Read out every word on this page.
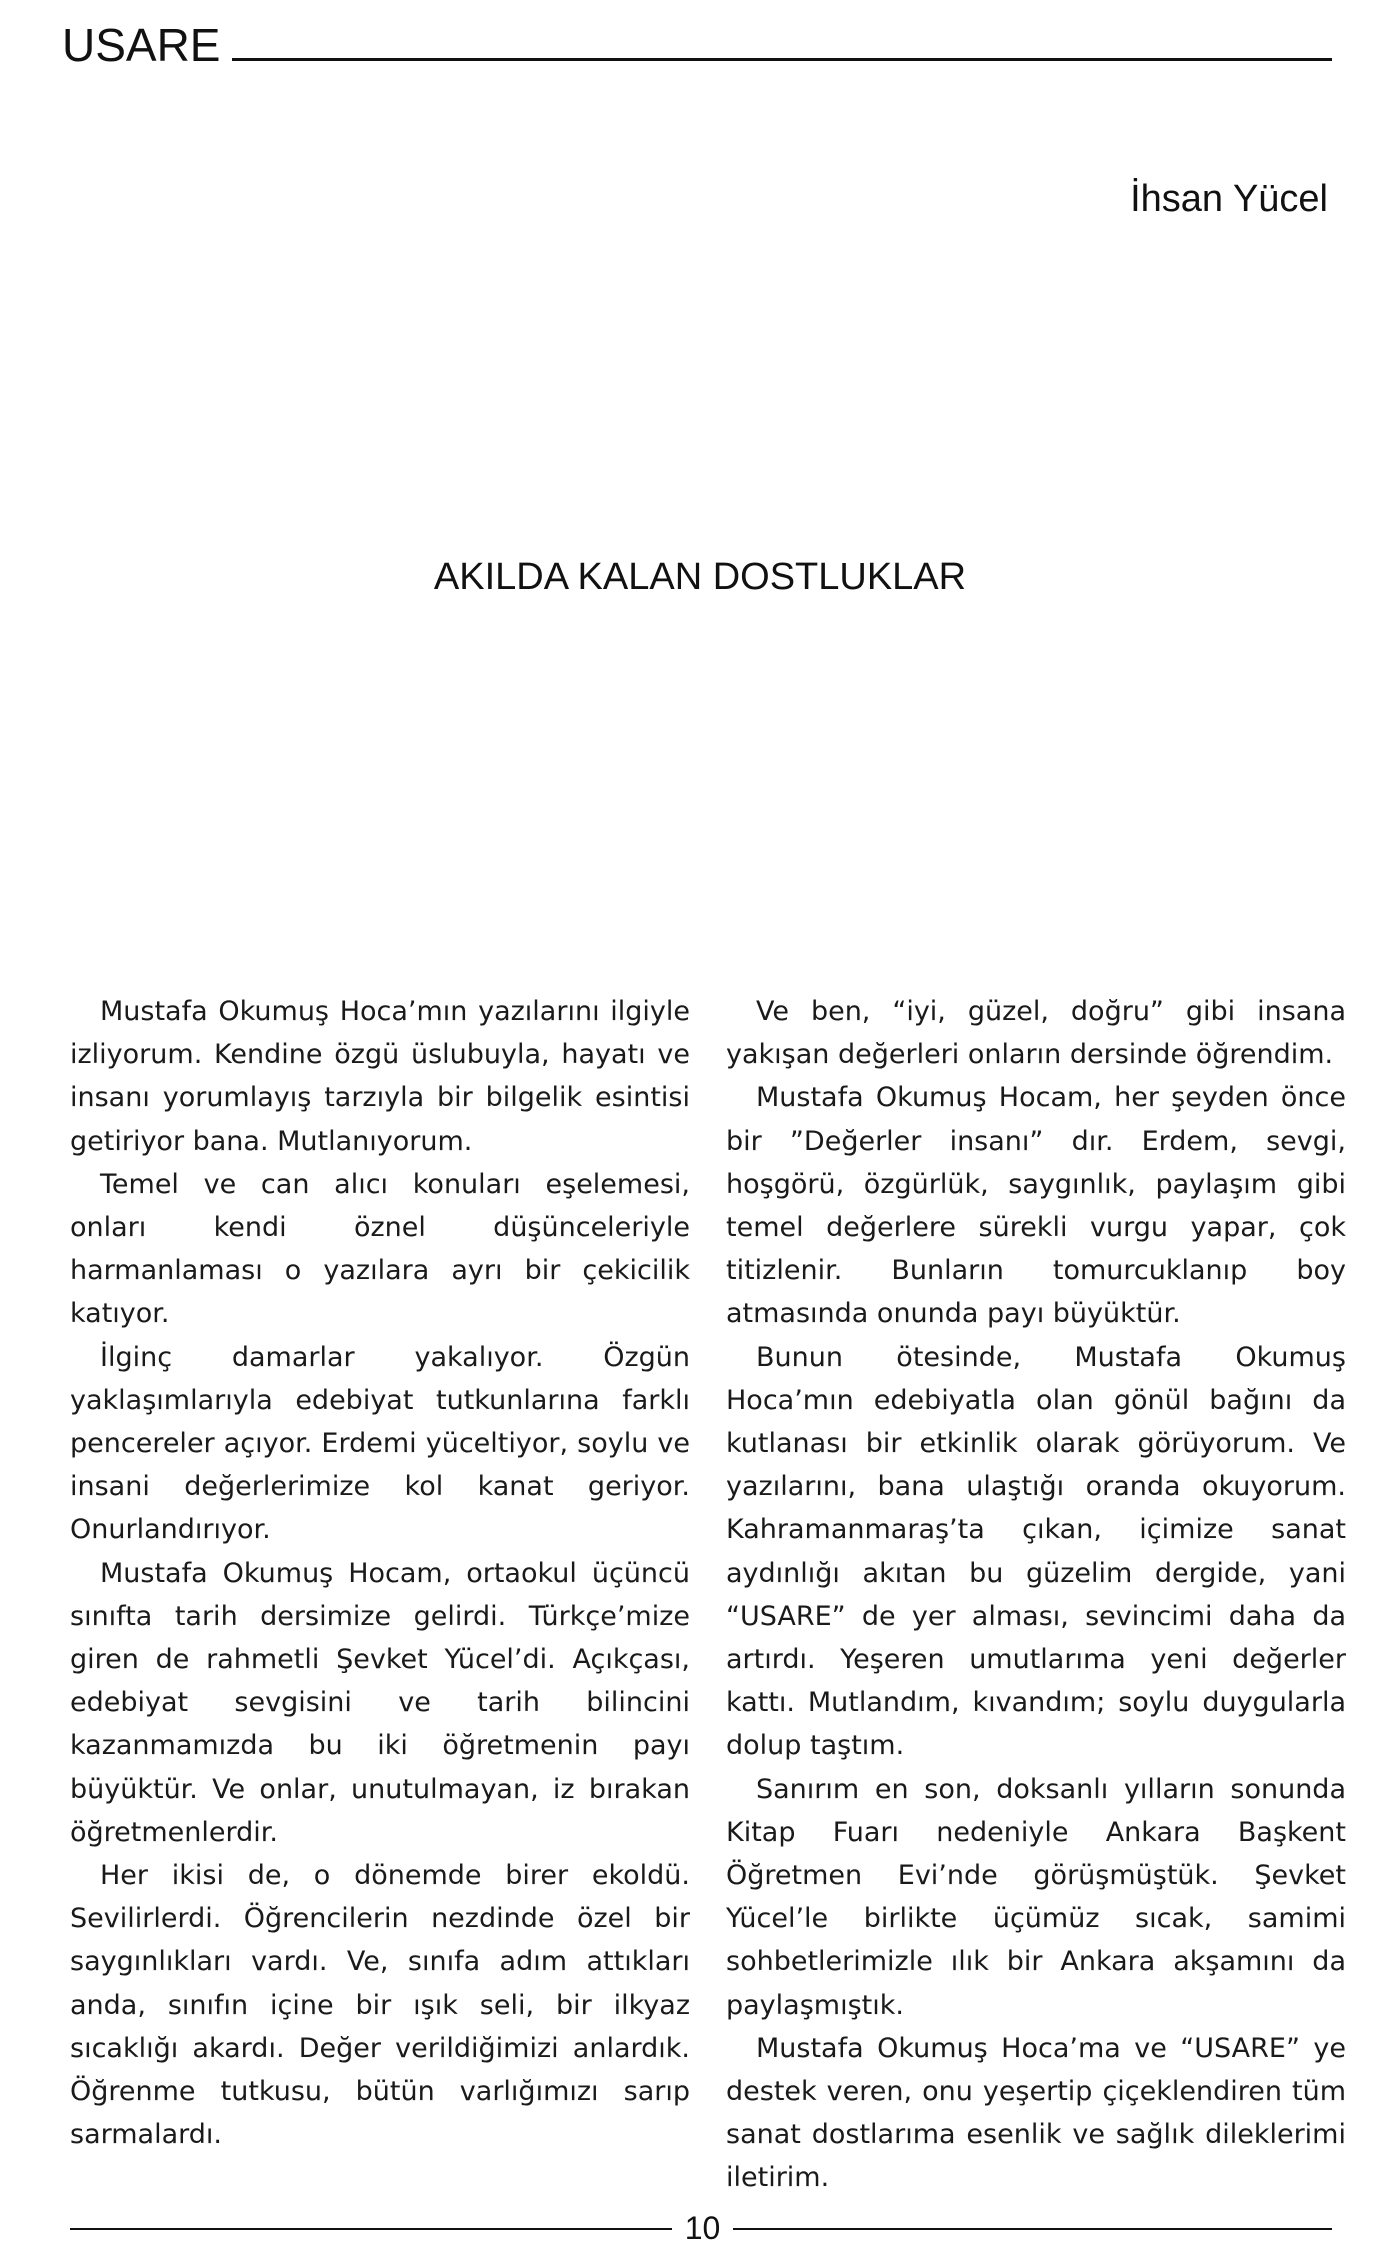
USARE
İhsan Yücel
AKILDA KALAN DOSTLUKLAR

Mustafa Okumuş Hoca’mın yazılarını ilgiyle izliyorum. Kendine özgü üslubuyla, hayatı ve insanı yorumlayış tarzıyla bir bilgelik esintisi getiriyor bana. Mutlanıyorum.

Temel ve can alıcı konuları eşelemesi, onları kendi öznel düşünceleriyle harmanlaması o yazılara ayrı bir çekicilik katıyor.

İlginç damarlar yakalıyor. Özgün yaklaşımlarıyla edebiyat tutkunlarına farklı pencereler açıyor. Erdemi yüceltiyor, soylu ve insani değerlerimize kol kanat geriyor. Onurlandırıyor.

Mustafa Okumuş Hocam, ortaokul üçüncü sınıfta tarih dersimize gelirdi. Türkçe’mize giren de rahmetli Şevket Yücel’di. Açıkçası, edebiyat sevgisini ve tarih bilincini kazanmamızda bu iki öğretmenin payı büyüktür. Ve onlar, unutulmayan, iz bırakan öğretmenlerdir.

Her ikisi de, o dönemde birer ekoldü. Sevilirlerdi. Öğrencilerin nezdinde özel bir saygınlıkları vardı. Ve, sınıfa adım attıkları anda, sınıfın içine bir ışık seli, bir ilkyaz sıcaklığı akardı. Değer verildiğimizi anlardık. Öğrenme tutkusu, bütün varlığımızı sarıp sarmalardı.

Ve ben, “iyi, güzel, doğru” gibi insana yakışan değerleri onların dersinde öğrendim.

Mustafa Okumuş Hocam, her şeyden önce bir ”Değerler insanı” dır. Erdem, sevgi, hoşgörü, özgürlük, saygınlık, paylaşım gibi temel değerlere sürekli vurgu yapar, çok titizlenir. Bunların tomurcuklanıp boy atmasında onunda payı büyüktür.

Bunun ötesinde, Mustafa Okumuş Hoca’mın edebiyatla olan gönül bağını da kutlanası bir etkinlik olarak görüyorum. Ve yazılarını, bana ulaştığı oranda okuyorum. Kahramanmaraş’ta çıkan, içimize sanat aydınlığı akıtan bu güzelim dergide, yani “USARE” de yer alması, sevincimi daha da artırdı. Yeşeren umutlarıma yeni değerler kattı. Mutlandım, kıvandım; soylu duygularla dolup taştım.

Sanırım en son, doksanlı yılların sonunda Kitap Fuarı nedeniyle Ankara Başkent Öğretmen Evi’nde görüşmüştük. Şevket Yücel’le birlikte üçümüz sıcak, samimi sohbetlerimizle ılık bir Ankara akşamını da paylaşmıştık.

Mustafa Okumuş Hoca’ma ve “USARE” ye destek veren, onu yeşertip çiçeklendiren tüm sanat dostlarıma esenlik ve sağlık dileklerimi iletirim.

10
